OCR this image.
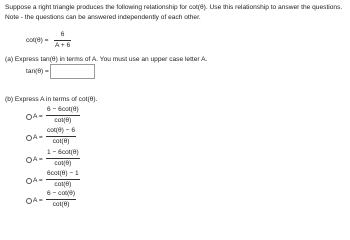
Suppose a right triangle produces the following relationship for cot(θ). Use this relationship to answer the questions.
Note - the questions can be answered independently of each other.
cot(θ) =
6
A + 6
(a) Express tan(θ) in terms of A. You must use an upper case letter A.
tan(θ) =
(b) Express A in terms of cot(θ).
A =
6 − 6cot(θ)
cot(θ)
A =
cot(θ) − 6
cot(θ)
A =
1 − 6cot(θ)
cot(θ)
A =
6cot(θ) − 1
cot(θ)
A =
6 − cot(θ)
cot(θ)
